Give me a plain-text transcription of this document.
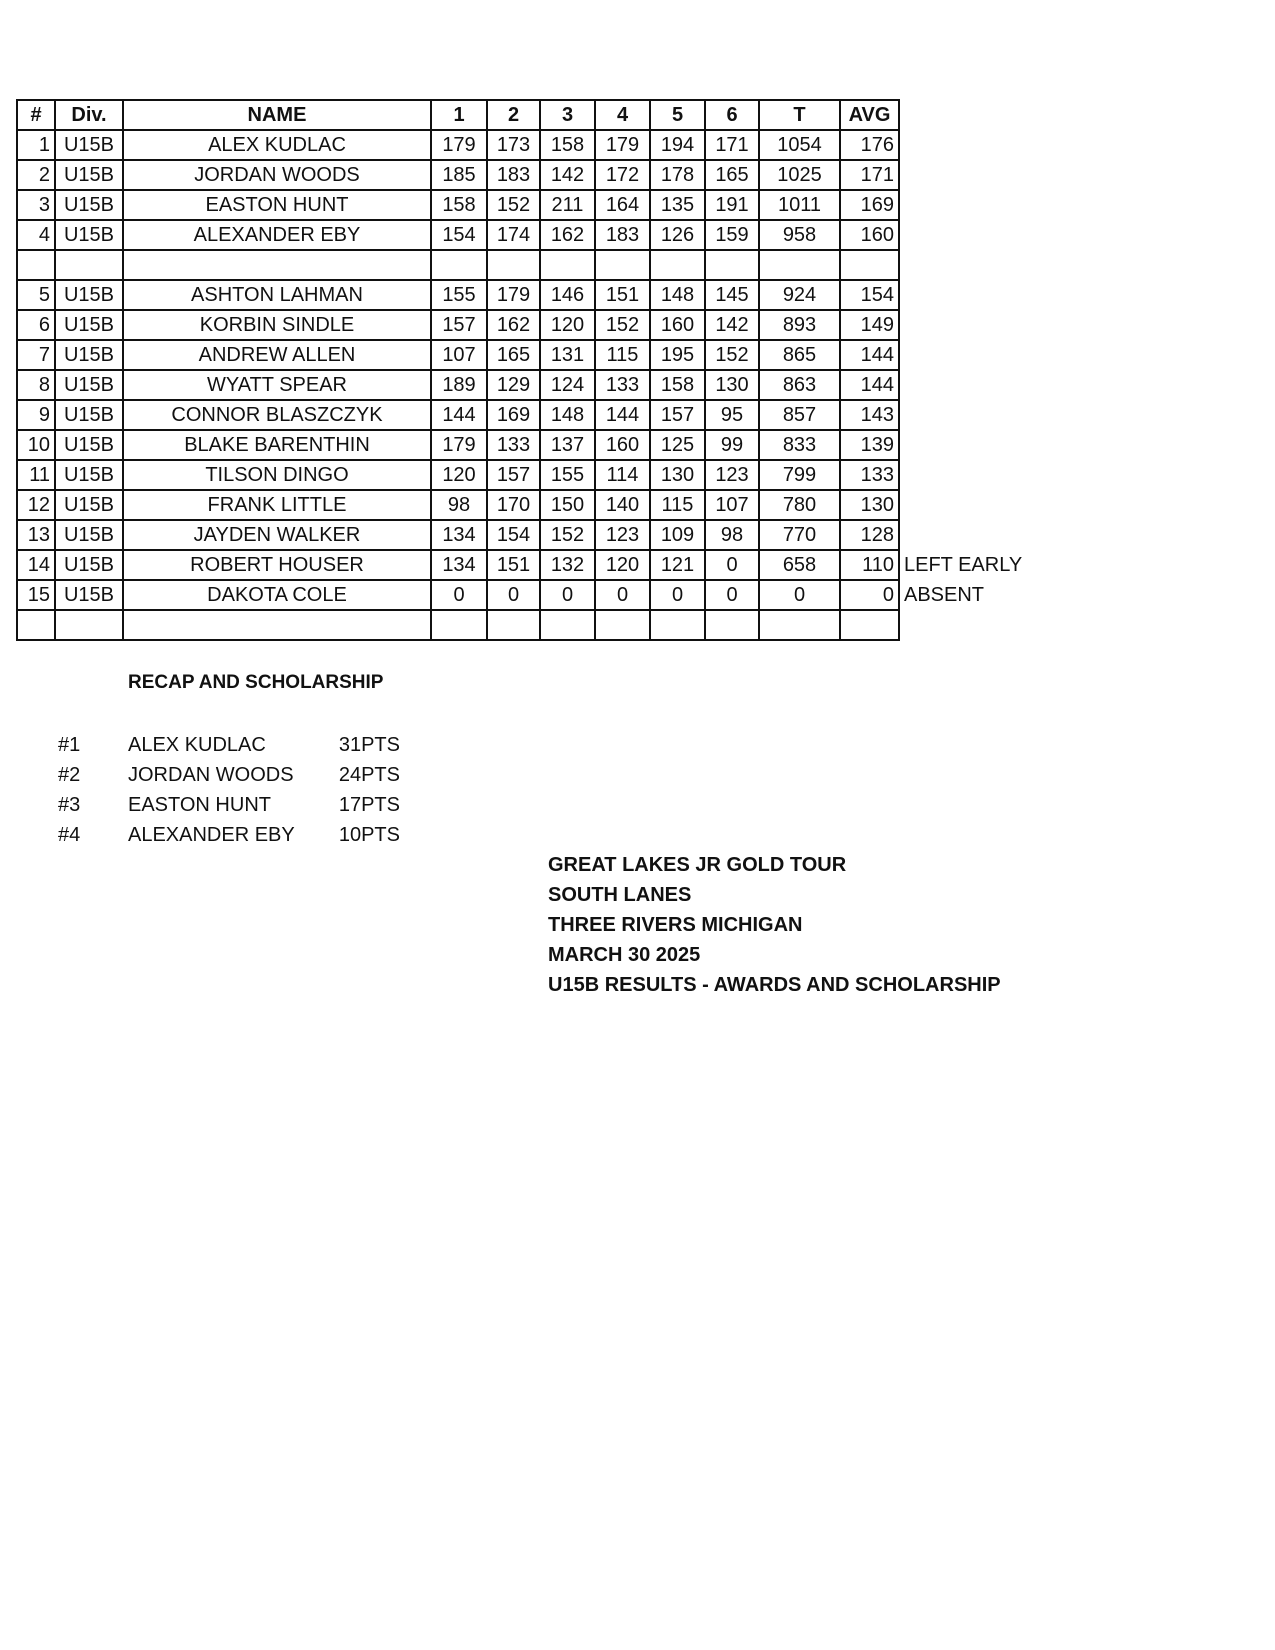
#	Div.	NAME	1	2	3	4	5	6	T	AVG
1	U15B	ALEX KUDLAC	179	173	158	179	194	171	1054	176
2	U15B	JORDAN WOODS	185	183	142	172	178	165	1025	171
3	U15B	EASTON HUNT	158	152	211	164	135	191	1011	169
4	U15B	ALEXANDER EBY	154	174	162	183	126	159	958	160

5	U15B	ASHTON LAHMAN	155	179	146	151	148	145	924	154
6	U15B	KORBIN SINDLE	157	162	120	152	160	142	893	149
7	U15B	ANDREW ALLEN	107	165	131	115	195	152	865	144
8	U15B	WYATT SPEAR	189	129	124	133	158	130	863	144
9	U15B	CONNOR BLASZCZYK	144	169	148	144	157	95	857	143
10	U15B	BLAKE BARENTHIN	179	133	137	160	125	99	833	139
11	U15B	TILSON DINGO	120	157	155	114	130	123	799	133
12	U15B	FRANK LITTLE	98	170	150	140	115	107	780	130
13	U15B	JAYDEN WALKER	134	154	152	123	109	98	770	128
14	U15B	ROBERT HOUSER	134	151	132	120	121	0	658	110
15	U15B	DAKOTA COLE	0	0	0	0	0	0	0	0

LEFT EARLY
ABSENT
RECAP AND SCHOLARSHIP
#1	ALEX KUDLAC	31PTS
#2	JORDAN WOODS	24PTS
#3	EASTON HUNT	17PTS
#4	ALEXANDER EBY	10PTS
GREAT LAKES JR GOLD TOUR
SOUTH LANES
THREE RIVERS MICHIGAN
MARCH 30 2025
U15B RESULTS - AWARDS AND SCHOLARSHIP
